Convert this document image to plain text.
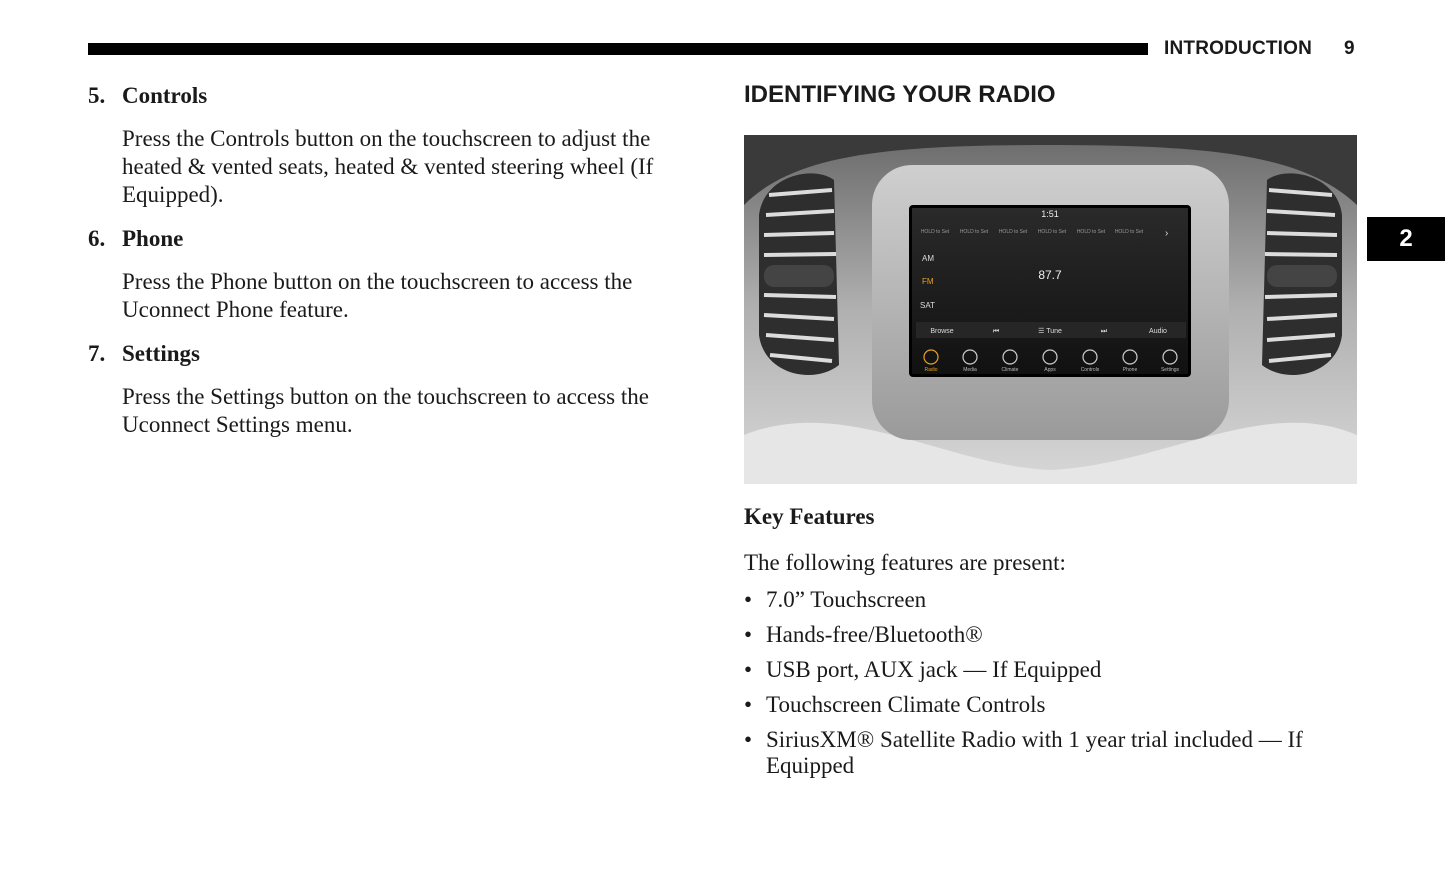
INTRODUCTION 9
2
5. Controls
Press the Controls button on the touchscreen to adjust the heated & vented seats, heated & vented steering wheel (If Equipped).
6. Phone
Press the Phone button on the touchscreen to access the Uconnect Phone feature.
7. Settings
Press the Settings button on the touchscreen to access the Uconnect Settings menu.
IDENTIFYING YOUR RADIO
1:51
HOLD to Set HOLD to Set HOLD to Set HOLD to Set HOLD to Set HOLD to Set ›
AM
FM
SAT
87.7
Browse	⏮	☰ Tune	⏭	Audio
Radio	Media	Climate	Apps	Controls	Phone	Settings
Key Features
The following features are present:
• 7.0” Touchscreen
• Hands-free/Bluetooth®
• USB port, AUX jack — If Equipped
• Touchscreen Climate Controls
• SiriusXM® Satellite Radio with 1 year trial included — If Equipped
